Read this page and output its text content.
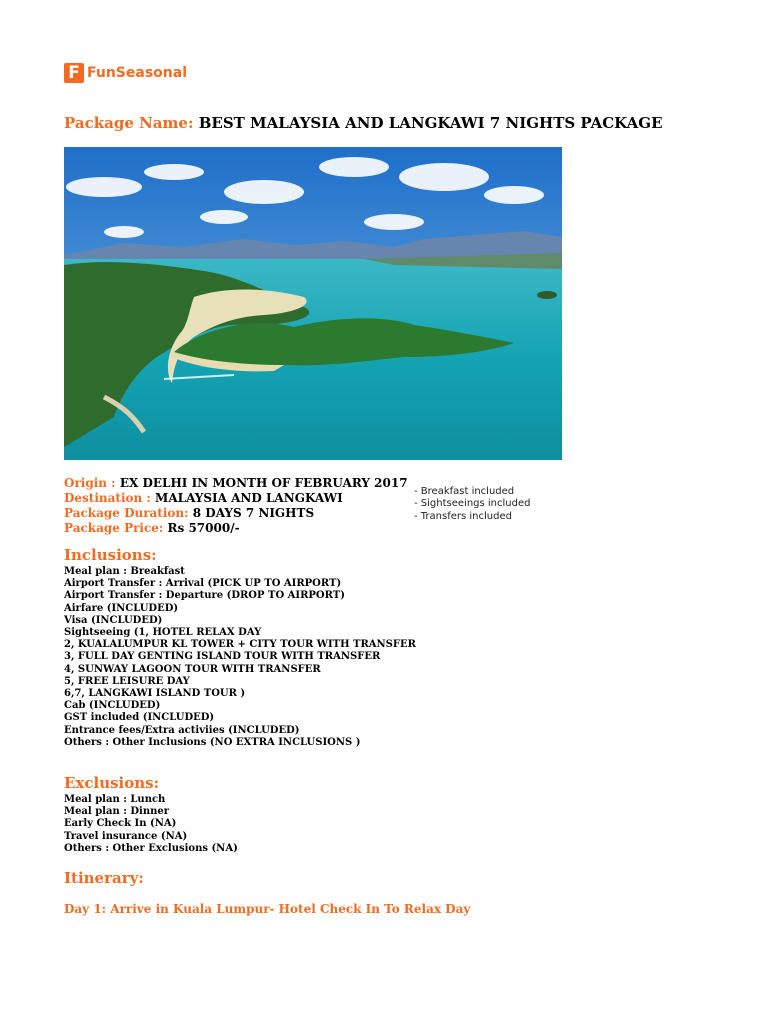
F FunSeasonal
Package Name: BEST MALAYSIA AND LANGKAWI 7 NIGHTS PACKAGE
Origin : EX DELHI IN MONTH OF FEBRUARY 2017
Destination : MALAYSIA AND LANGKAWI
Package Duration: 8 DAYS 7 NIGHTS
Package Price: Rs 57000/-
- Breakfast included
- Sightseeings included
- Transfers included
Inclusions:
Meal plan : Breakfast
Airport Transfer : Arrival (PICK UP TO AIRPORT)
Airport Transfer : Departure (DROP TO AIRPORT)
Airfare (INCLUDED)
Visa (INCLUDED)
Sightseeing (1, HOTEL RELAX DAY
2, KUALALUMPUR KL TOWER + CITY TOUR WITH TRANSFER
3, FULL DAY GENTING ISLAND TOUR WITH TRANSFER
4, SUNWAY LAGOON TOUR WITH TRANSFER
5, FREE LEISURE DAY
6,7, LANGKAWI ISLAND TOUR )
Cab (INCLUDED)
GST included (INCLUDED)
Entrance fees/Extra activiies (INCLUDED)
Others : Other Inclusions (NO EXTRA INCLUSIONS )
Exclusions:
Meal plan : Lunch
Meal plan : Dinner
Early Check In (NA)
Travel insurance (NA)
Others : Other Exclusions (NA)
Itinerary:
Day 1: Arrive in Kuala Lumpur- Hotel Check In To Relax Day
